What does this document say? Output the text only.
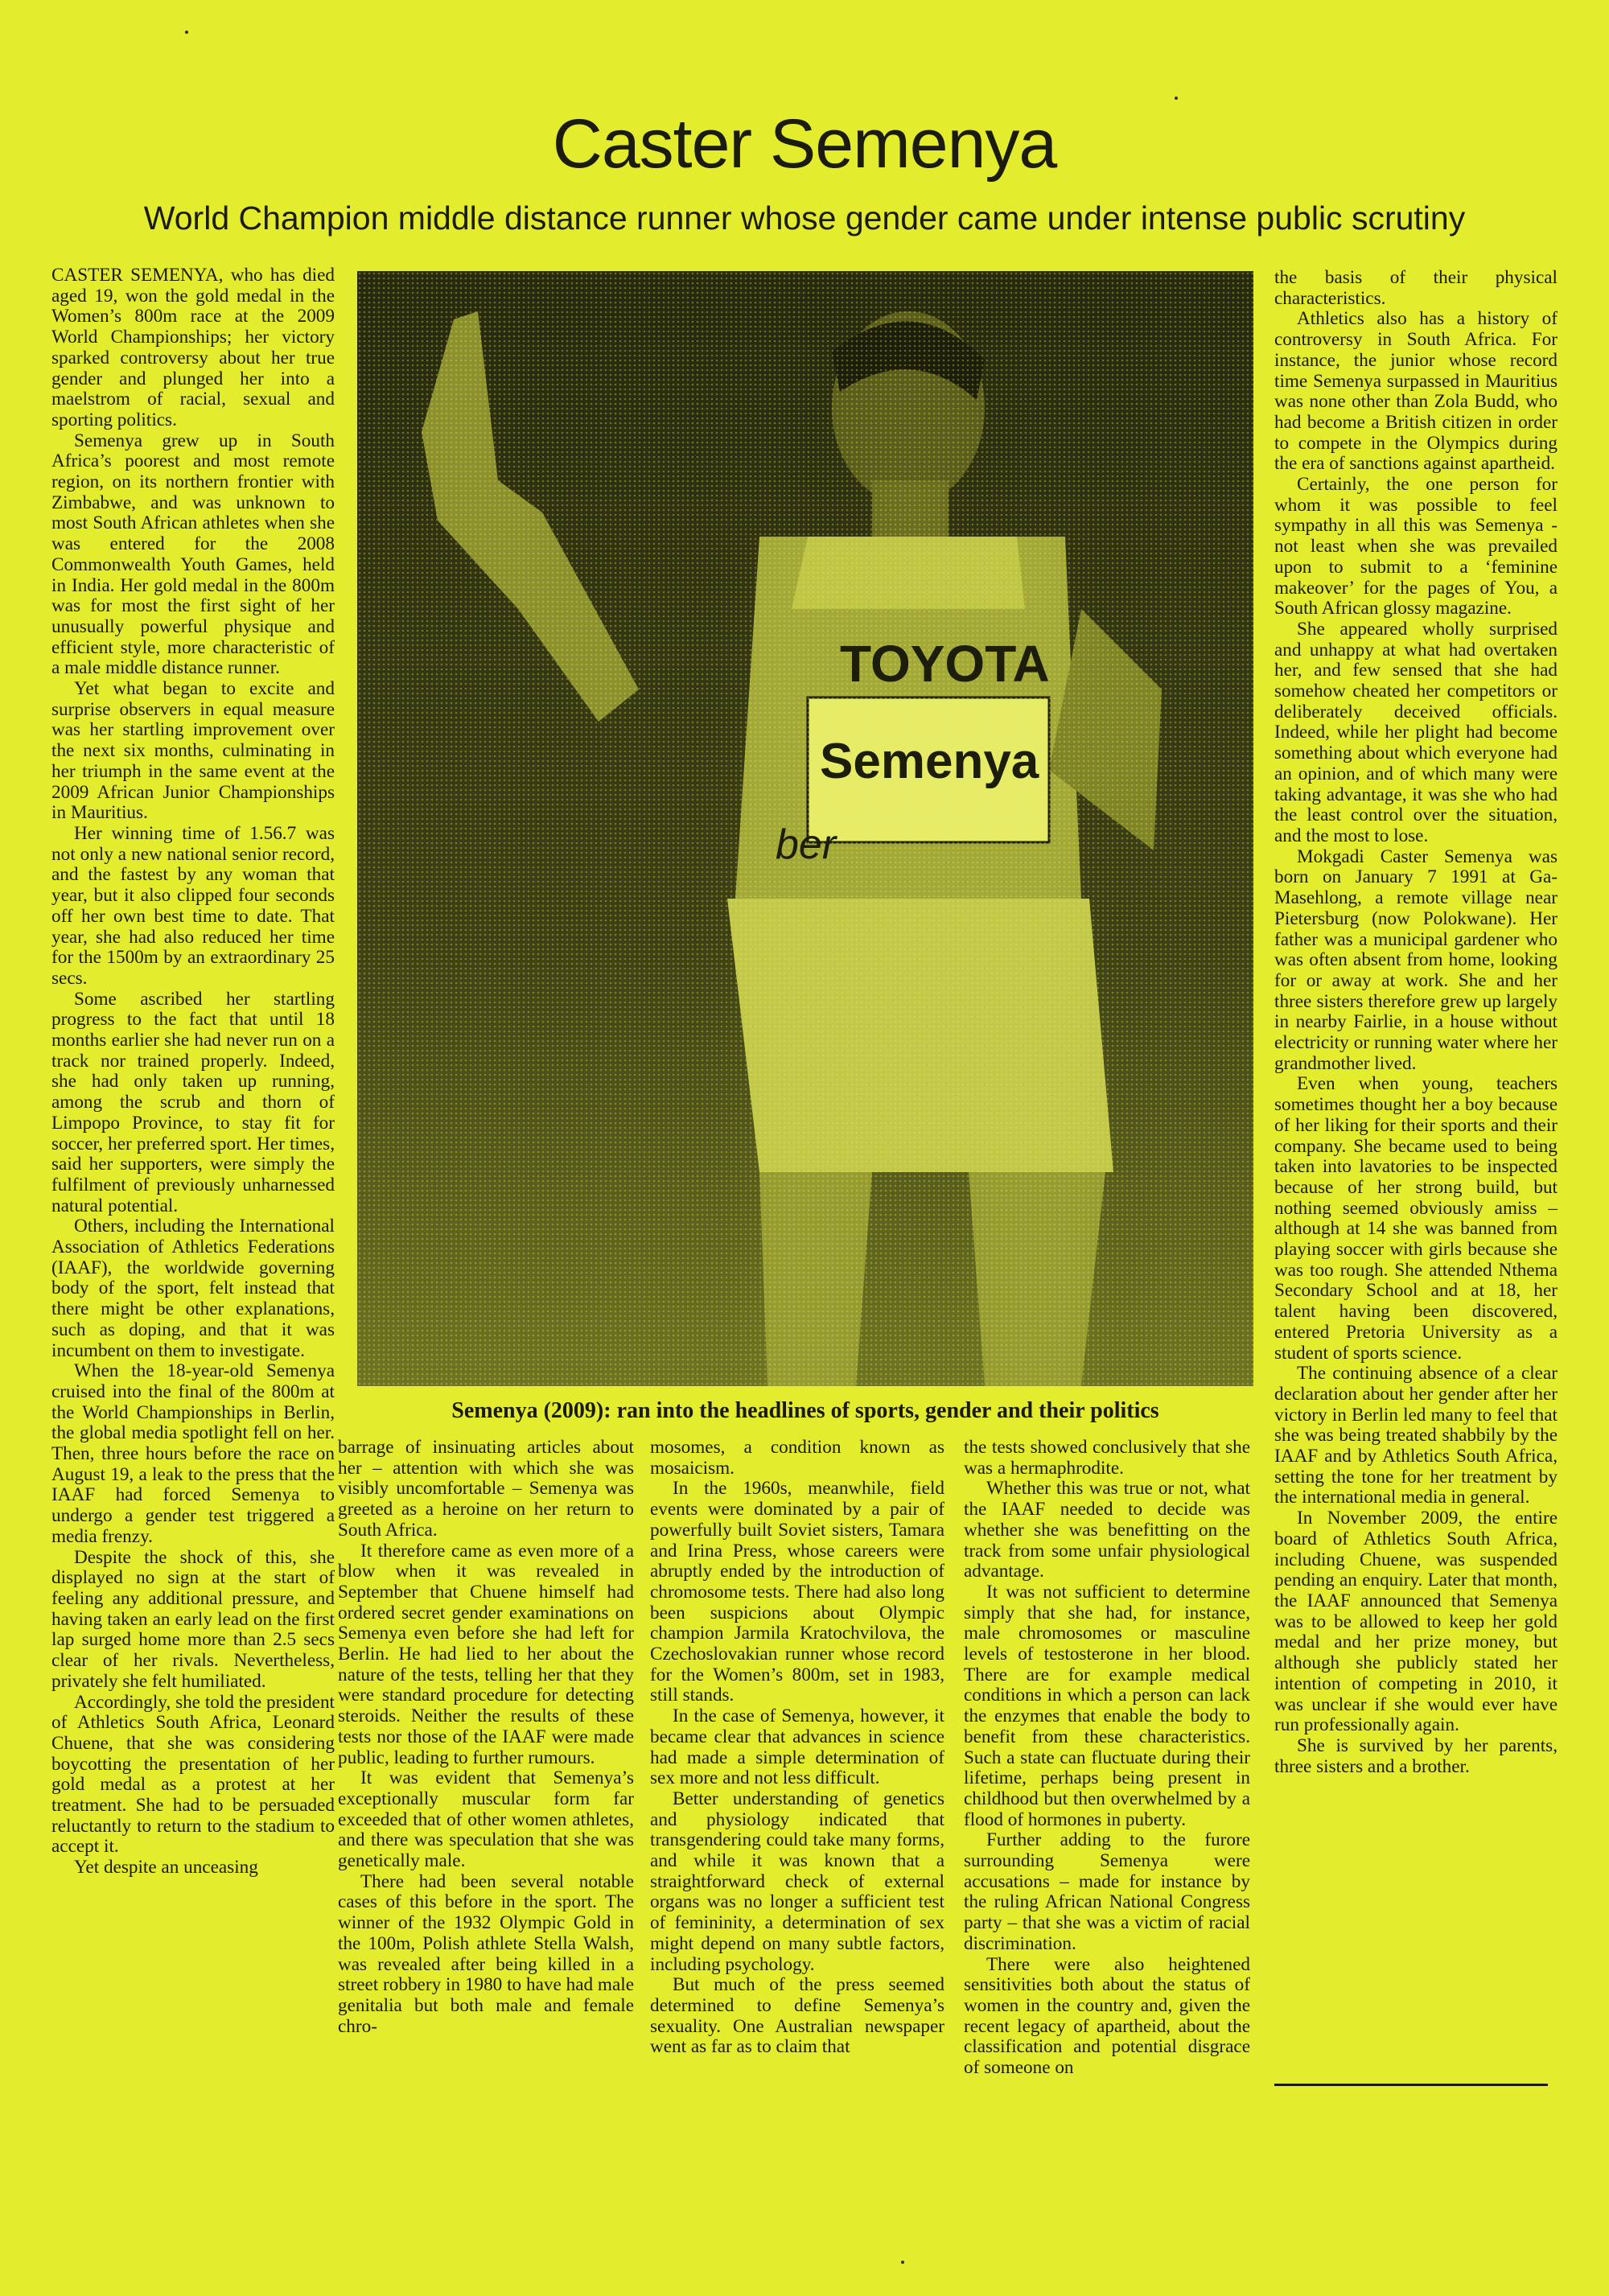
Caster Semenya
World Champion middle distance runner whose gender came under intense public scrutiny

CASTER SEMENYA, who has died aged 19, won the gold medal in the Women’s 800m race at the 2009 World Championships; her victory sparked controversy about her true gender and plunged her into a maelstrom of racial, sexual and sporting politics.

Semenya grew up in South Africa’s poorest and most remote region, on its northern frontier with Zimbabwe, and was unknown to most South African athletes when she was entered for the 2008 Commonwealth Youth Games, held in India. Her gold medal in the 800m was for most the first sight of her unusually powerful physique and efficient style, more characteristic of a male middle distance runner.

Yet what began to excite and surprise observers in equal measure was her startling improvement over the next six months, culminating in her triumph in the same event at the 2009 African Junior Championships in Mauritius.

Her winning time of 1.56.7 was not only a new national senior record, and the fastest by any woman that year, but it also clipped four seconds off her own best time to date. That year, she had also reduced her time for the 1500m by an extraordinary 25 secs.

Some ascribed her startling progress to the fact that until 18 months earlier she had never run on a track nor trained properly. Indeed, she had only taken up running, among the scrub and thorn of Limpopo Province, to stay fit for soccer, her preferred sport. Her times, said her supporters, were simply the fulfilment of previously unharnessed natural potential.

Others, including the International Association of Athletics Federations (IAAF), the worldwide governing body of the sport, felt instead that there might be other explanations, such as doping, and that it was incumbent on them to investigate.

When the 18-year-old Semenya cruised into the final of the 800m at the World Championships in Berlin, the global media spotlight fell on her. Then, three hours before the race on August 19, a leak to the press that the IAAF had forced Semenya to undergo a gender test triggered a media frenzy.

Despite the shock of this, she displayed no sign at the start of feeling any additional pressure, and having taken an early lead on the first lap surged home more than 2.5 secs clear of her rivals. Nevertheless, privately she felt humiliated.

Accordingly, she told the president of Athletics South Africa, Leonard Chuene, that she was considering boycotting the presentation of her gold medal as a protest at her treatment. She had to be persuaded reluctantly to return to the stadium to accept it.

Yet despite an unceasing

TOYOTA
Semenya
ber
Semenya (2009): ran into the headlines of sports, gender and their politics

barrage of insinuating articles about her – attention with which she was visibly uncomfortable – Semenya was greeted as a heroine on her return to South Africa.

It therefore came as even more of a blow when it was revealed in September that Chuene himself had ordered secret gender examinations on Semenya even before she had left for Berlin. He had lied to her about the nature of the tests, telling her that they were standard procedure for detecting steroids. Neither the results of these tests nor those of the IAAF were made public, leading to further rumours.

It was evident that Semenya’s exceptionally muscular form far exceeded that of other women athletes, and there was speculation that she was genetically male.

There had been several notable cases of this before in the sport. The winner of the 1932 Olympic Gold in the 100m, Polish athlete Stella Walsh, was revealed after being killed in a street robbery in 1980 to have had male genitalia but both male and female chro-

mosomes, a condition known as mosaicism.

In the 1960s, meanwhile, field events were dominated by a pair of powerfully built Soviet sisters, Tamara and Irina Press, whose careers were abruptly ended by the introduction of chromosome tests. There had also long been suspicions about Olympic champion Jarmila Kratochvilova, the Czechoslovakian runner whose record for the Women’s 800m, set in 1983, still stands.

In the case of Semenya, however, it became clear that advances in science had made a simple determination of sex more and not less difficult.

Better understanding of genetics and physiology indicated that transgendering could take many forms, and while it was known that a straightforward check of external organs was no longer a sufficient test of femininity, a determination of sex might depend on many subtle factors, including psychology.

But much of the press seemed determined to define Semenya’s sexuality. One Australian newspaper went as far as to claim that

the tests showed conclusively that she was a hermaphrodite.

Whether this was true or not, what the IAAF needed to decide was whether she was benefitting on the track from some unfair physiological advantage.

It was not sufficient to determine simply that she had, for instance, male chromosomes or masculine levels of testosterone in her blood. There are for example medical conditions in which a person can lack the enzymes that enable the body to benefit from these characteristics. Such a state can fluctuate during their lifetime, perhaps being present in childhood but then overwhelmed by a flood of hormones in puberty.

Further adding to the furore surrounding Semenya were accusations – made for instance by the ruling African National Congress party – that she was a victim of racial discrimination.

There were also heightened sensitivities both about the status of women in the country and, given the recent legacy of apartheid, about the classification and potential disgrace of someone on

the basis of their physical characteristics.

Athletics also has a history of controversy in South Africa. For instance, the junior whose record time Semenya surpassed in Mauritius was none other than Zola Budd, who had become a British citizen in order to compete in the Olympics during the era of sanctions against apartheid.

Certainly, the one person for whom it was possible to feel sympathy in all this was Semenya - not least when she was prevailed upon to submit to a ‘feminine makeover’ for the pages of You, a South African glossy magazine.

She appeared wholly surprised and unhappy at what had overtaken her, and few sensed that she had somehow cheated her competitors or deliberately deceived officials. Indeed, while her plight had become something about which everyone had an opinion, and of which many were taking advantage, it was she who had the least control over the situation, and the most to lose.

Mokgadi Caster Semenya was born on January 7 1991 at Ga-Masehlong, a remote village near Pietersburg (now Polokwane). Her father was a municipal gardener who was often absent from home, looking for or away at work. She and her three sisters therefore grew up largely in nearby Fairlie, in a house without electricity or running water where her grandmother lived.

Even when young, teachers sometimes thought her a boy because of her liking for their sports and their company. She became used to being taken into lavatories to be inspected because of her strong build, but nothing seemed obviously amiss – although at 14 she was banned from playing soccer with girls because she was too rough. She attended Nthema Secondary School and at 18, her talent having been discovered, entered Pretoria University as a student of sports science.

The continuing absence of a clear declaration about her gender after her victory in Berlin led many to feel that she was being treated shabbily by the IAAF and by Athletics South Africa, setting the tone for her treatment by the international media in general.

In November 2009, the entire board of Athletics South Africa, including Chuene, was suspended pending an enquiry. Later that month, the IAAF announced that Semenya was to be allowed to keep her gold medal and her prize money, but although she publicly stated her intention of competing in 2010, it was unclear if she would ever have run professionally again.

She is survived by her parents, three sisters and a brother.
